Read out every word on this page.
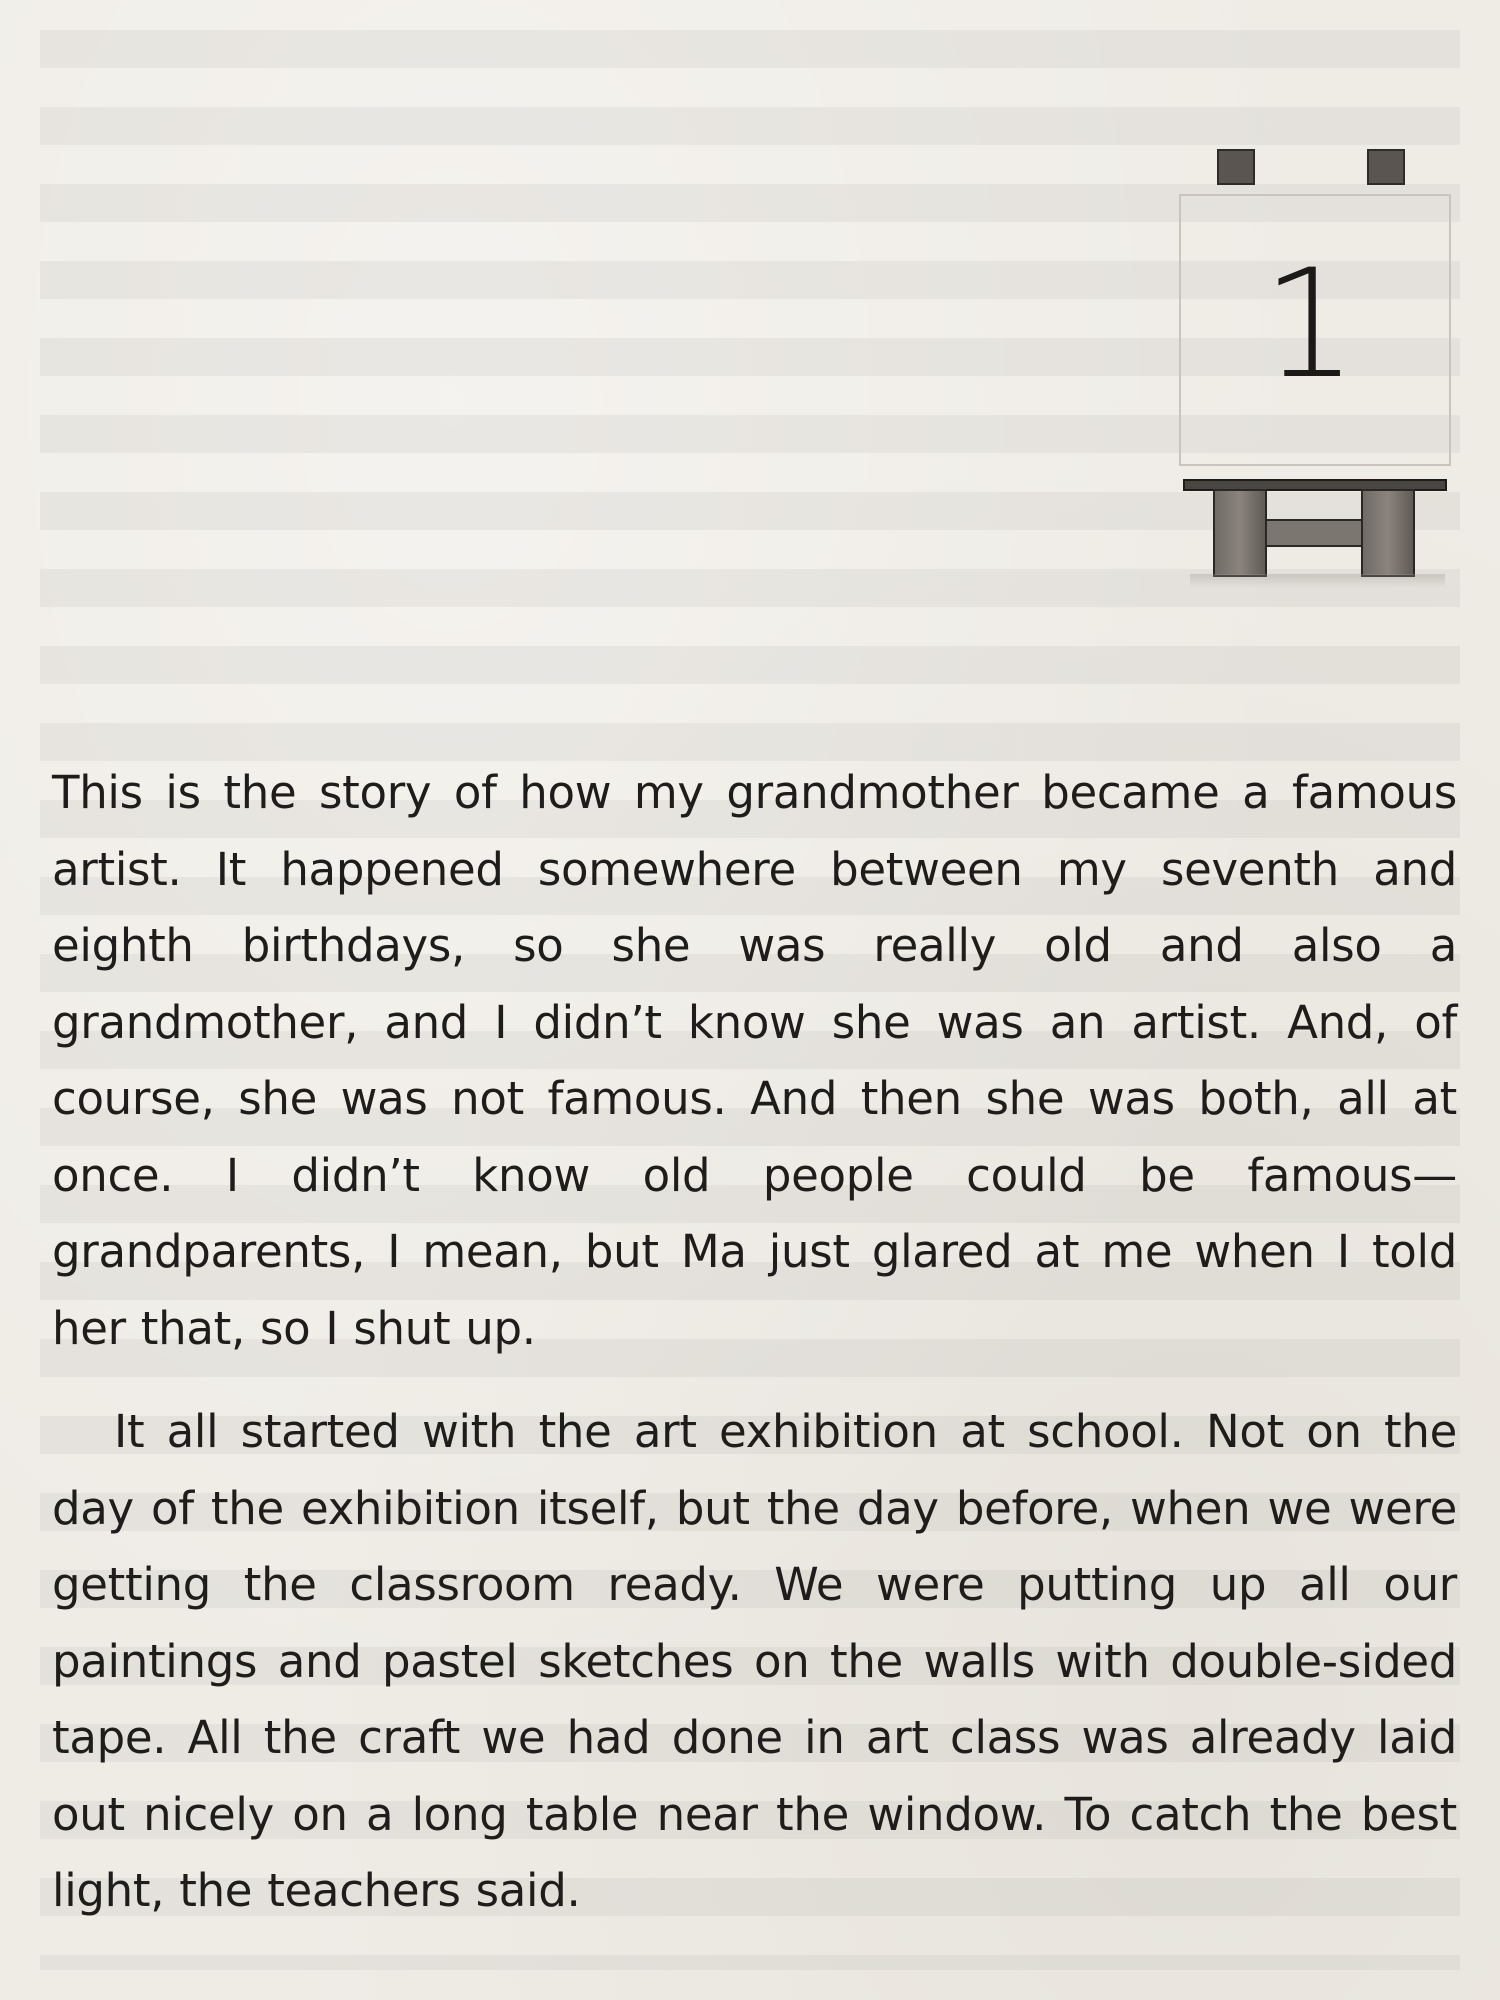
1

This is the story of how my grandmother became a famous artist. It happened somewhere between my seventh and eighth birthdays, so she was really old and also a grandmother, and I didn’t know she was an artist. And, of course, she was not famous. And then she was both, all at once. I didn’t know old people could be famous—grandparents, I mean, but Ma just glared at me when I told her that, so I shut up.

It all started with the art exhibition at school. Not on the day of the exhibition itself, but the day before, when we were getting the classroom ready. We were putting up all our paintings and pastel sketches on the walls with double-sided tape. All the craft we had done in art class was already laid out nicely on a long table near the window. To catch the best light, the teachers said.
